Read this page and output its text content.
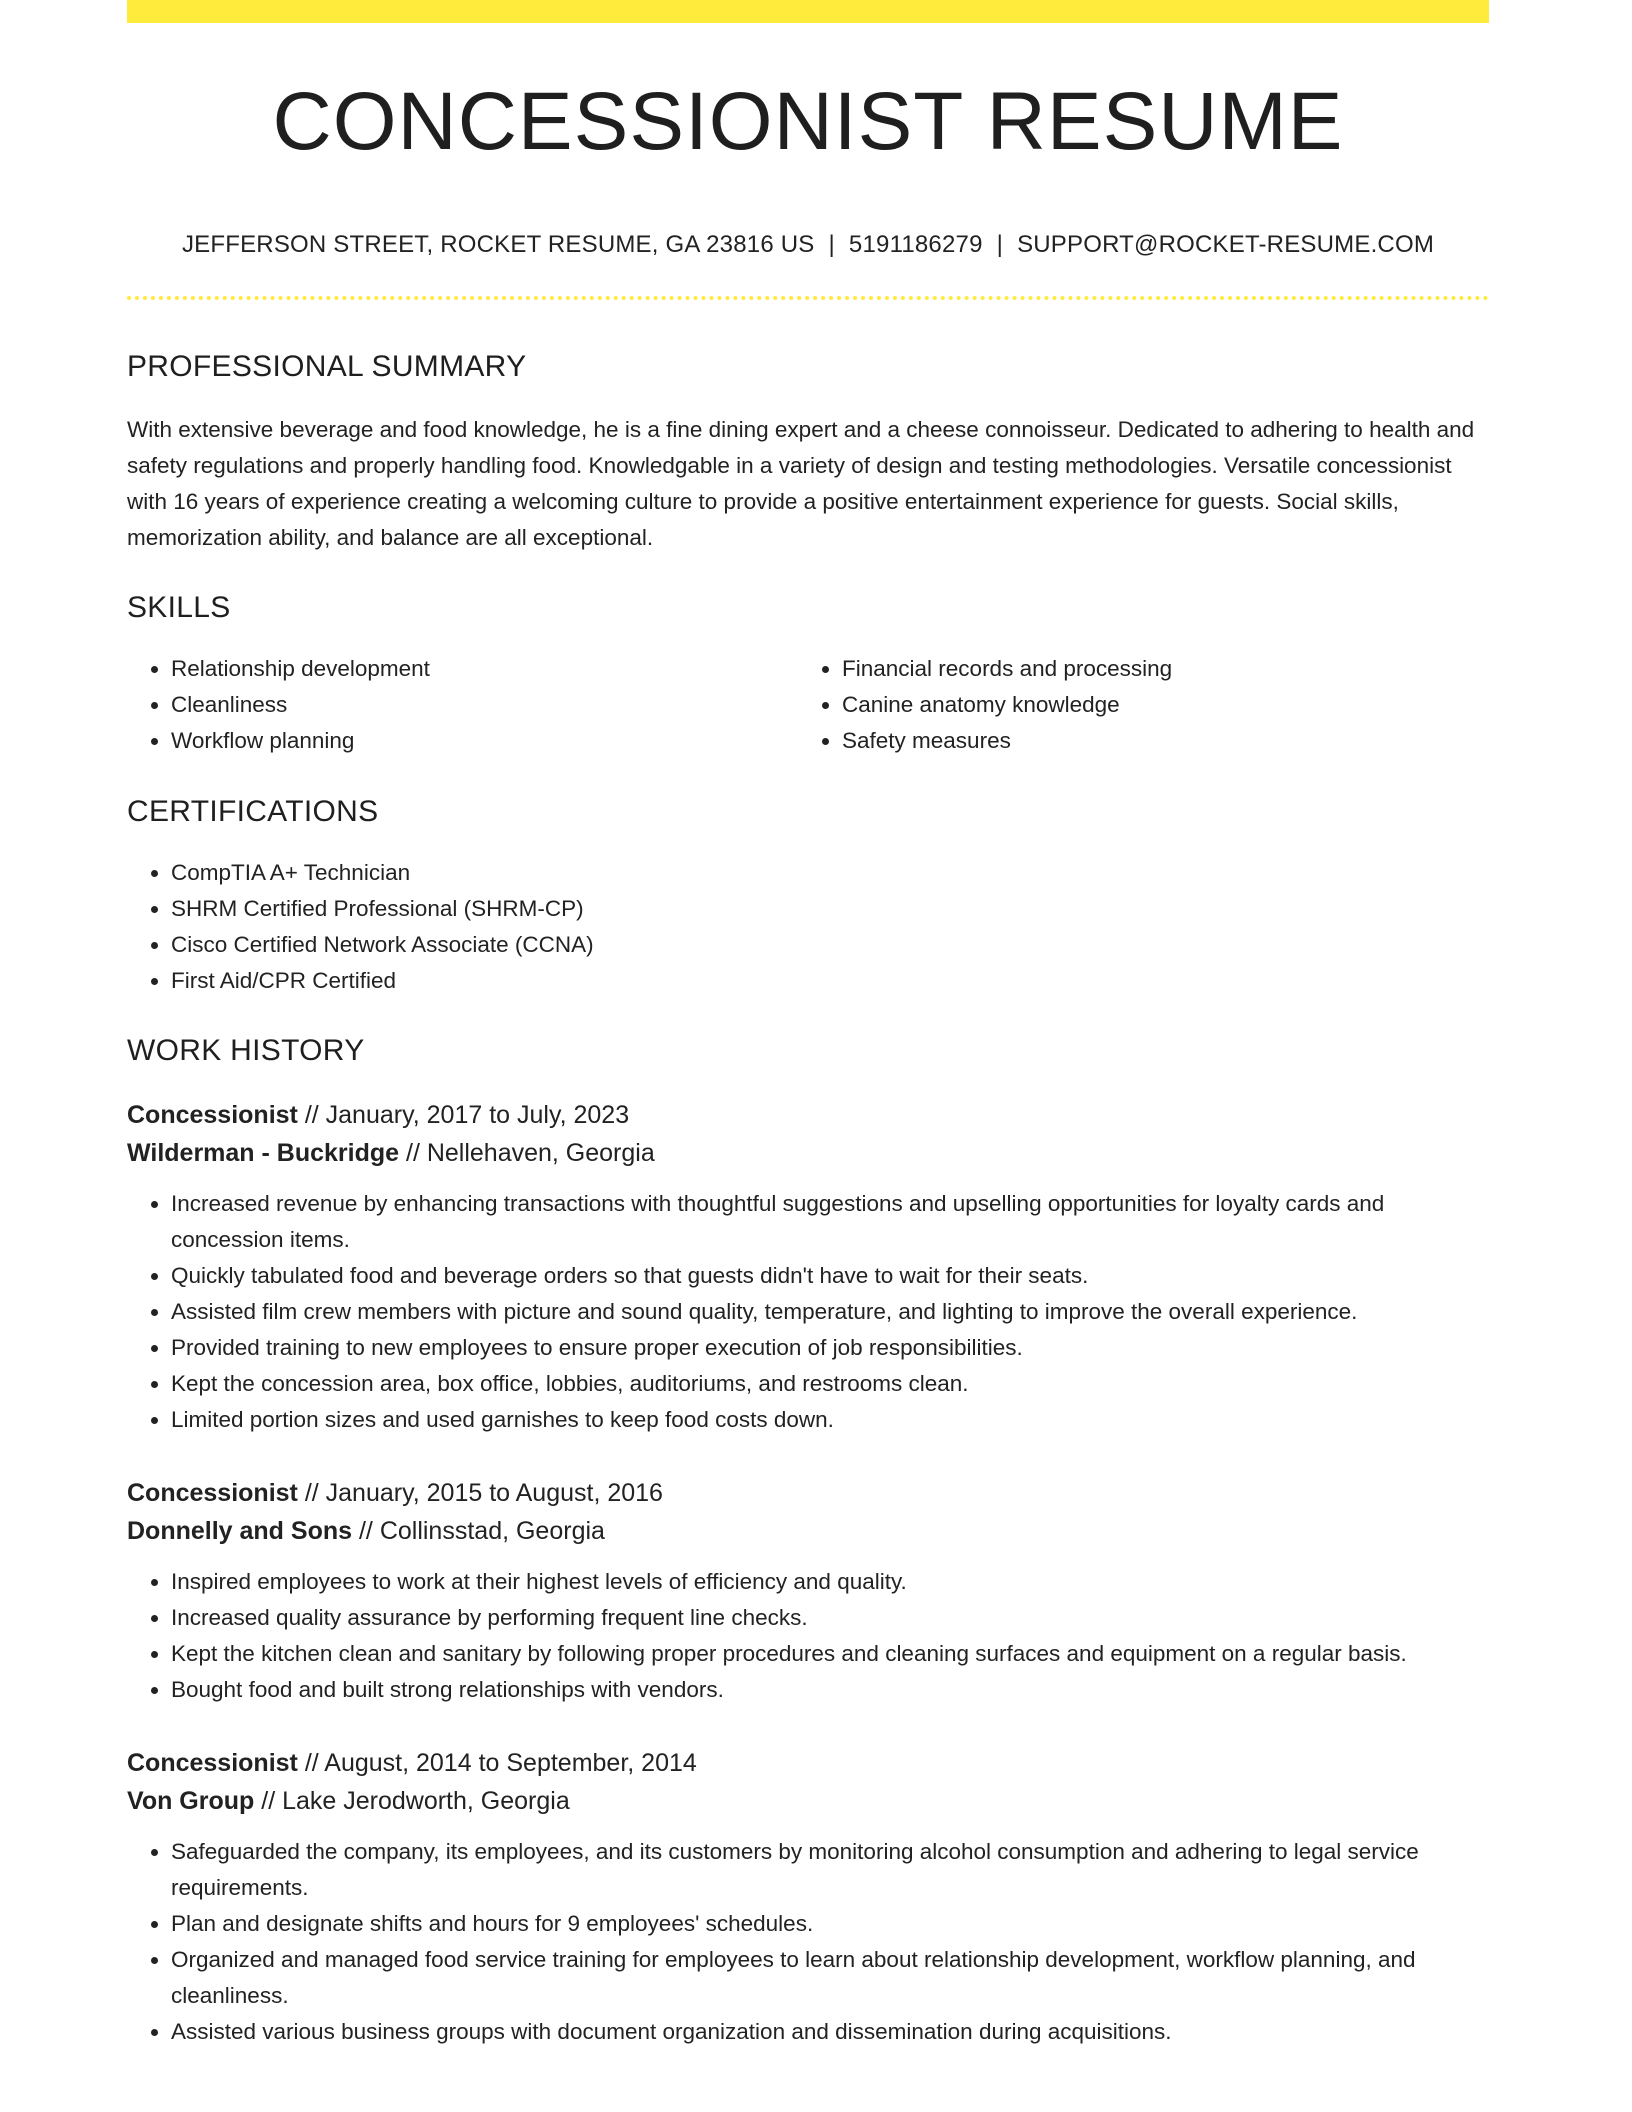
CONCESSIONIST RESUME
JEFFERSON STREET, ROCKET RESUME, GA 23816 US | 5191186279 | SUPPORT@ROCKET-RESUME.COM
PROFESSIONAL SUMMARY

With extensive beverage and food knowledge, he is a fine dining expert and a cheese connoisseur. Dedicated to adhering to health and safety regulations and properly handling food. Knowledgable in a variety of design and testing methodologies. Versatile concessionist with 16 years of experience creating a welcoming culture to provide a positive entertainment experience for guests. Social skills, memorization ability, and balance are all exceptional.

SKILLS
• Relationship development
• Cleanliness
• Workflow planning
• Financial records and processing
• Canine anatomy knowledge
• Safety measures
CERTIFICATIONS
• CompTIA A+ Technician
• SHRM Certified Professional (SHRM-CP)
• Cisco Certified Network Associate (CCNA)
• First Aid/CPR Certified
WORK HISTORY
Concessionist // January, 2017 to July, 2023
Wilderman - Buckridge // Nellehaven, Georgia
• Increased revenue by enhancing transactions with thoughtful suggestions and upselling opportunities for loyalty cards and concession items.
• Quickly tabulated food and beverage orders so that guests didn't have to wait for their seats.
• Assisted film crew members with picture and sound quality, temperature, and lighting to improve the overall experience.
• Provided training to new employees to ensure proper execution of job responsibilities.
• Kept the concession area, box office, lobbies, auditoriums, and restrooms clean.
• Limited portion sizes and used garnishes to keep food costs down.
Concessionist // January, 2015 to August, 2016
Donnelly and Sons // Collinsstad, Georgia
• Inspired employees to work at their highest levels of efficiency and quality.
• Increased quality assurance by performing frequent line checks.
• Kept the kitchen clean and sanitary by following proper procedures and cleaning surfaces and equipment on a regular basis.
• Bought food and built strong relationships with vendors.
Concessionist // August, 2014 to September, 2014
Von Group // Lake Jerodworth, Georgia
• Safeguarded the company, its employees, and its customers by monitoring alcohol consumption and adhering to legal service requirements.
• Plan and designate shifts and hours for 9 employees' schedules.
• Organized and managed food service training for employees to learn about relationship development, workflow planning, and cleanliness.
• Assisted various business groups with document organization and dissemination during acquisitions.
